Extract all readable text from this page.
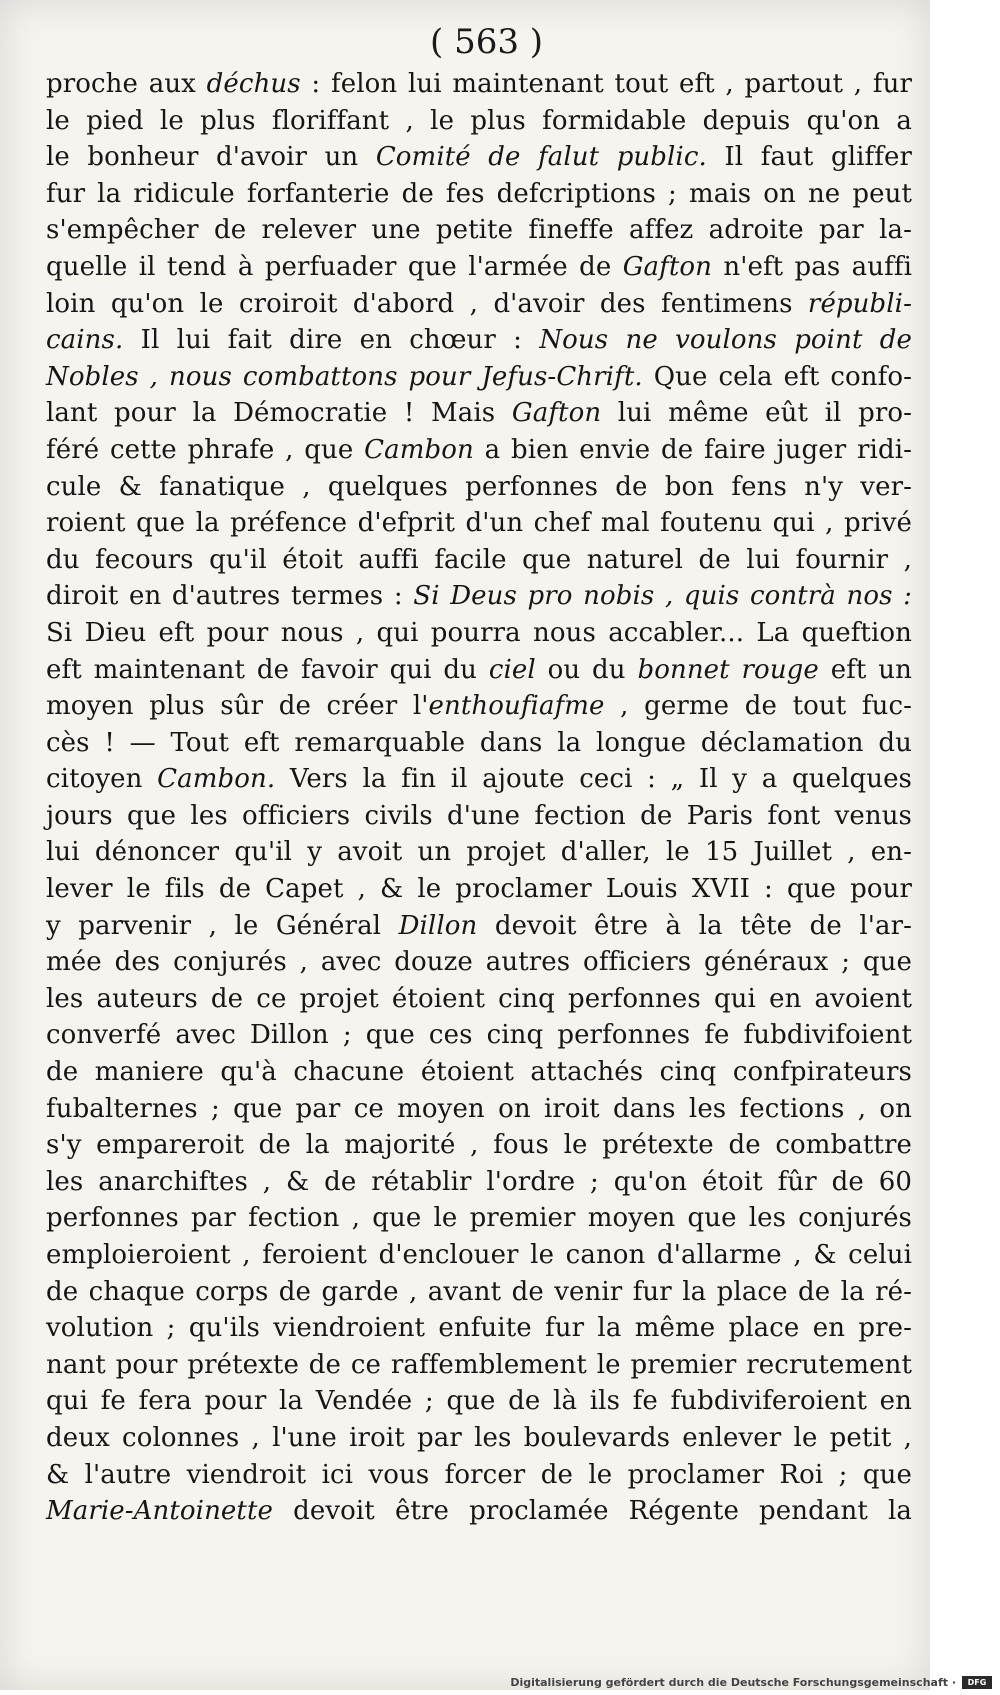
( 563 )
proche aux déchus : felon lui maintenant tout eft , partout , fur
le pied le plus floriffant , le plus formidable depuis qu'on a
le bonheur d'avoir un Comité de falut public. Il faut gliffer
fur la ridicule forfanterie de fes defcriptions ; mais on ne peut
s'empêcher de relever une petite fineffe affez adroite par la-
quelle il tend à perfuader que l'armée de Gafton n'eft pas auffi
loin qu'on le croiroit d'abord , d'avoir des fentimens républi-
cains. Il lui fait dire en chœur : Nous ne voulons point de
Nobles , nous combattons pour Jefus-Chrift. Que cela eft confo-
lant pour la Démocratie ! Mais Gafton lui même eût il pro-
féré cette phrafe , que Cambon a bien envie de faire juger ridi-
cule & fanatique , quelques perfonnes de bon fens n'y ver-
roient que la préfence d'efprit d'un chef mal foutenu qui , privé
du fecours qu'il étoit auffi facile que naturel de lui fournir ,
diroit en d'autres termes : Si Deus pro nobis , quis contrà nos :
Si Dieu eft pour nous , qui pourra nous accabler... La queftion
eft maintenant de favoir qui du ciel ou du bonnet rouge eft un
moyen plus sûr de créer l'enthoufiafme , germe de tout fuc-
cès ! — Tout eft remarquable dans la longue déclamation du
citoyen Cambon. Vers la fin il ajoute ceci : „ Il y a quelques
jours que les officiers civils d'une fection de Paris font venus
lui dénoncer qu'il y avoit un projet d'aller, le 15 Juillet , en-
lever le fils de Capet , & le proclamer Louis XVII : que pour
y parvenir , le Général Dillon devoit être à la tête de l'ar-
mée des conjurés , avec douze autres officiers généraux ; que
les auteurs de ce projet étoient cinq perfonnes qui en avoient
converfé avec Dillon ; que ces cinq perfonnes fe fubdivifoient
de maniere qu'à chacune étoient attachés cinq confpirateurs
fubalternes ; que par ce moyen on iroit dans les fections , on
s'y empareroit de la majorité , fous le prétexte de combattre
les anarchiftes , & de rétablir l'ordre ; qu'on étoit fûr de 60
perfonnes par fection , que le premier moyen que les conjurés
emploieroient , feroient d'enclouer le canon d'allarme , & celui
de chaque corps de garde , avant de venir fur la place de la ré-
volution ; qu'ils viendroient enfuite fur la même place en pre-
nant pour prétexte de ce raffemblement le premier recrutement
qui fe fera pour la Vendée ; que de là ils fe fubdiviferoient en
deux colonnes , l'une iroit par les boulevards enlever le petit ,
& l'autre viendroit ici vous forcer de le proclamer Roi ; que
Marie-Antoinette devoit être proclamée Régente pendant la
Digitalisierung gefördert durch die Deutsche Forschungsgemeinschaft ·	DFG
